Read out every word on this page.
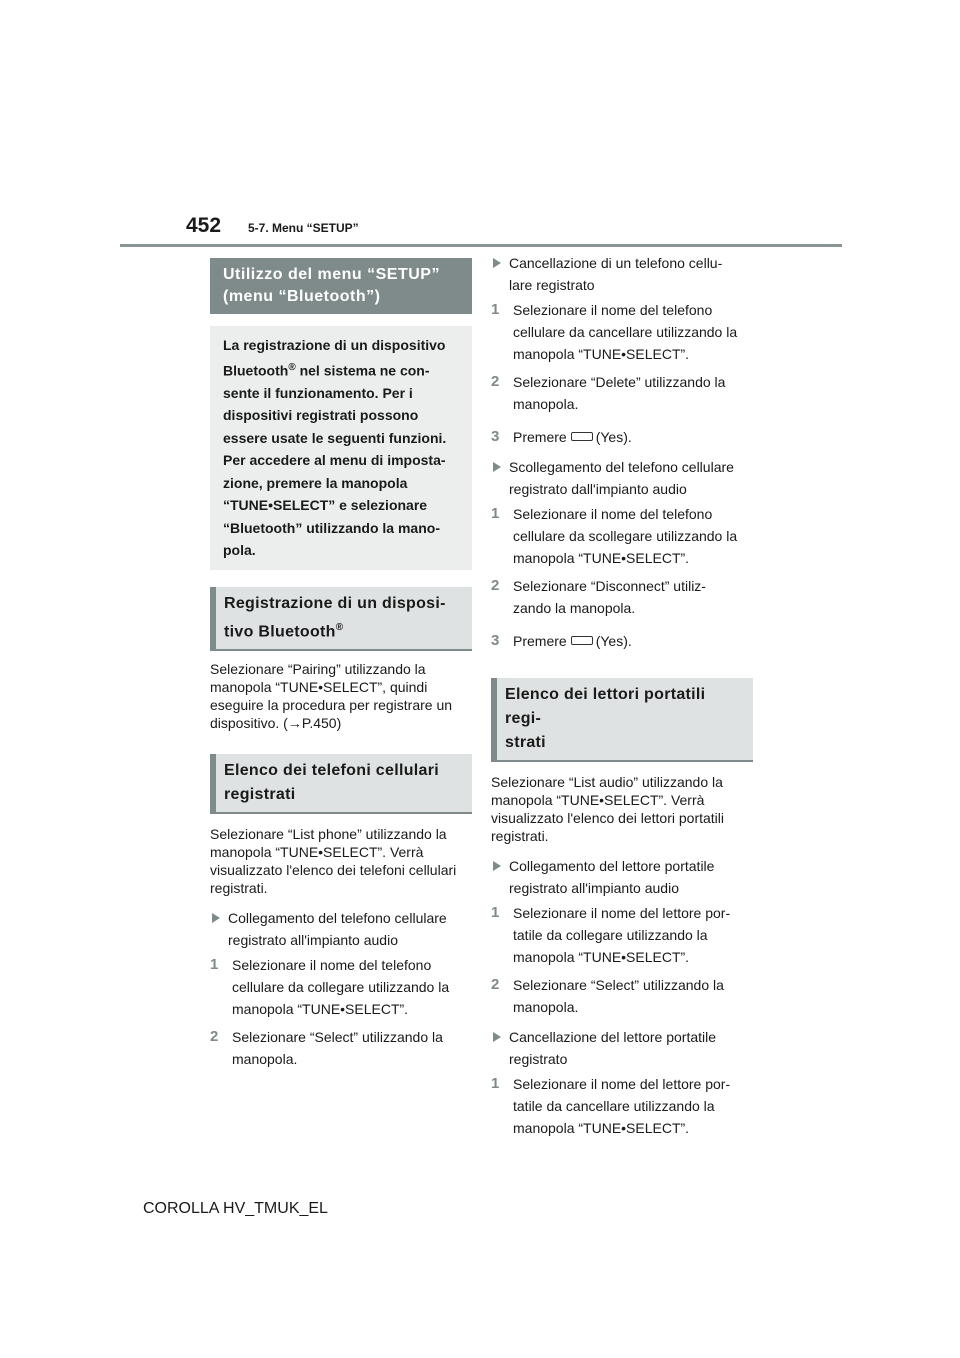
452 5-7. Menu “SETUP”
Utilizzo del menu “SETUP”
(menu “Bluetooth”)
La registrazione di un dispositivo
Bluetooth® nel sistema ne con-
sente il funzionamento. Per i
dispositivi registrati possono
essere usate le seguenti funzioni.
Per accedere al menu di imposta-
zione, premere la manopola
“TUNE•SELECT” e selezionare
“Bluetooth” utilizzando la mano-
pola.
Registrazione di un disposi-
tivo Bluetooth®
Selezionare “Pairing” utilizzando la manopola “TUNE•SELECT”, quindi eseguire la procedura per registrare un dispositivo. (→P.450)
Elenco dei telefoni cellulari
registrati
Selezionare “List phone” utilizzando la manopola “TUNE•SELECT”. Verrà visualizzato l'elenco dei telefoni cellulari registrati.
Collegamento del telefono cellulare
registrato all'impianto audio
1 Selezionare il nome del telefono
cellulare da collegare utilizzando la
manopola “TUNE•SELECT”.
2 Selezionare “Select” utilizzando la
manopola.
Cancellazione di un telefono cellu-
lare registrato
1 Selezionare il nome del telefono
cellulare da cancellare utilizzando la
manopola “TUNE•SELECT”.
2 Selezionare “Delete” utilizzando la
manopola.
3 Premere (Yes).
Scollegamento del telefono cellulare
registrato dall'impianto audio
1 Selezionare il nome del telefono
cellulare da scollegare utilizzando la
manopola “TUNE•SELECT”.
2 Selezionare “Disconnect” utiliz-
zando la manopola.
3 Premere (Yes).
Elenco dei lettori portatili regi-
strati
Selezionare “List audio” utilizzando la manopola “TUNE•SELECT”. Verrà visualizzato l'elenco dei lettori portatili registrati.
Collegamento del lettore portatile
registrato all'impianto audio
1 Selezionare il nome del lettore por-
tatile da collegare utilizzando la
manopola “TUNE•SELECT”.
2 Selezionare “Select” utilizzando la
manopola.
Cancellazione del lettore portatile
registrato
1 Selezionare il nome del lettore por-
tatile da cancellare utilizzando la
manopola “TUNE•SELECT”.
COROLLA HV_TMUK_EL
